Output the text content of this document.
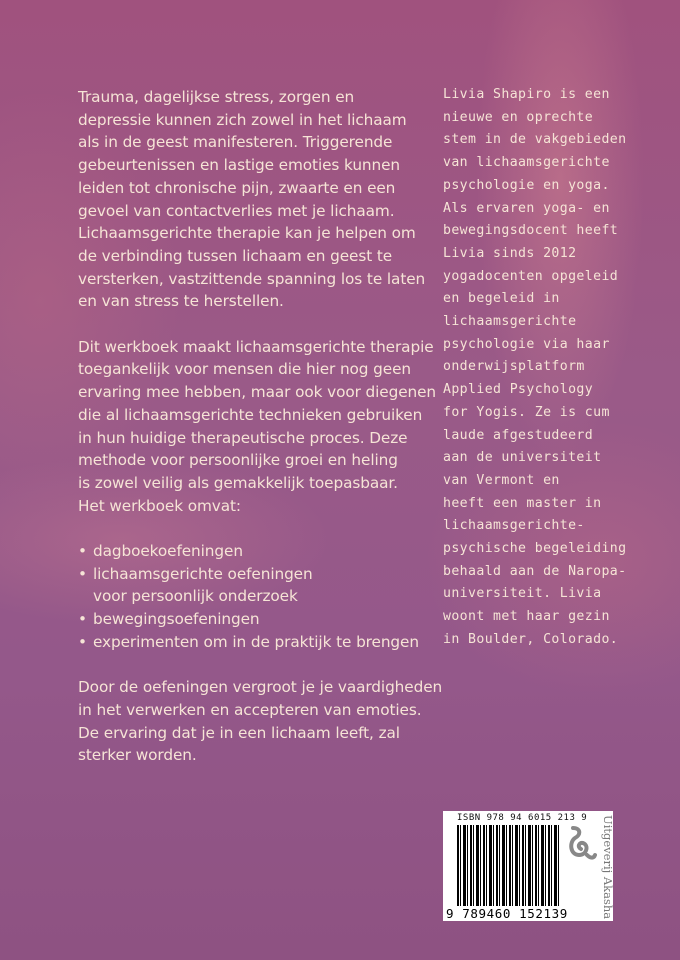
Trauma, dagelijkse stress, zorgen en
depressie kunnen zich zowel in het lichaam
als in de geest manifesteren. Triggerende
gebeurtenissen en lastige emoties kunnen
leiden tot chronische pijn, zwaarte en een
gevoel van contactverlies met je lichaam.
Lichaamsgerichte therapie kan je helpen om
de verbinding tussen lichaam en geest te
versterken, vastzittende spanning los te laten
en van stress te herstellen.

Dit werkboek maakt lichaamsgerichte therapie
toegankelijk voor mensen die hier nog geen
ervaring mee hebben, maar ook voor diegenen
die al lichaamsgerichte technieken gebruiken
in hun huidige therapeutische proces. Deze
methode voor persoonlijke groei en heling
is zowel veilig als gemakkelijk toepasbaar.
Het werkboek omvat:

• dagboekoefeningen
• lichaamsgerichte oefeningen
voor persoonlijk onderzoek
• bewegingsoefeningen
• experimenten om in de praktijk te brengen

Door de oefeningen vergroot je je vaardigheden
in het verwerken en accepteren van emoties.
De ervaring dat je in een lichaam leeft, zal
sterker worden.

Livia Shapiro is een
nieuwe en oprechte
stem in de vakgebieden
van lichaamsgerichte
psychologie en yoga.
Als ervaren yoga- en
bewegingsdocent heeft
Livia sinds 2012
yogadocenten opgeleid
en begeleid in
lichaamsgerichte
psychologie via haar
onderwijsplatform
Applied Psychology
for Yogis. Ze is cum
laude afgestudeerd
aan de universiteit
van Vermont en
heeft een master in
lichaamsgerichte-
psychische begeleiding
behaald aan de Naropa-
universiteit. Livia
woont met haar gezin
in Boulder, Colorado.
ISBN 978 94 6015 213 9
9 789460 152139	Uitgeverij Akasha
